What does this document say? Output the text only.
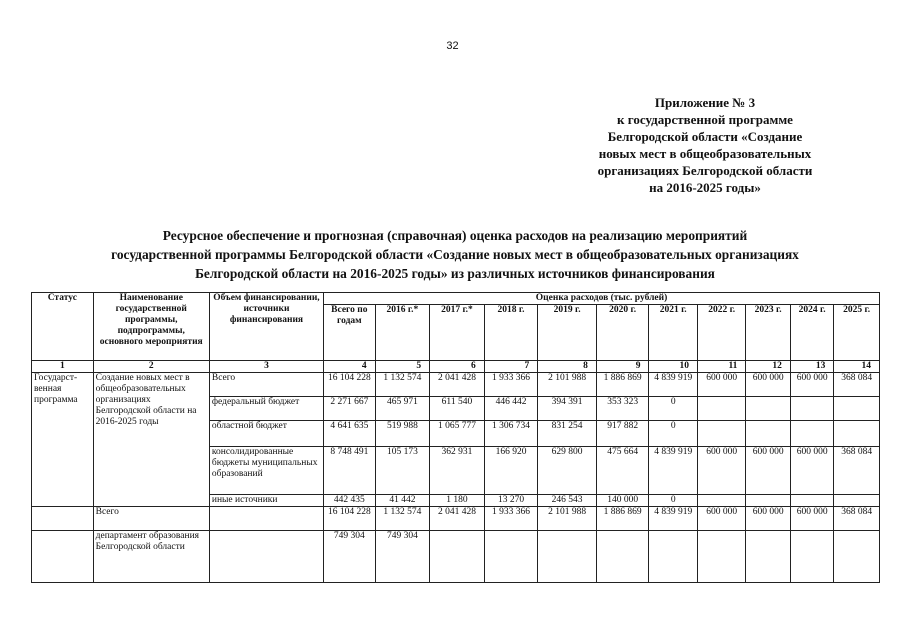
32
Приложение № 3
к государственной программе
Белгородской области «Создание
новых мест в общеобразовательных
организациях Белгородской области
на 2016-2025 годы»
Ресурсное обеспечение и прогнозная (справочная) оценка расходов на реализацию мероприятий
государственной программы Белгородской области «Создание новых мест в общеобразовательных организациях
Белгородской области на 2016-2025 годы» из различных источников финансирования
Статус	Наименование государственной программы, подпрограммы, основного мероприятия	Объем финансировании, источники финансирования	Оценка расходов (тыс. рублей)										
			Всего по годам	2016 г.*	2017 г.*	2018 г.	2019 г.	2020 г.	2021 г.	2022 г.	2023 г.	2024 г.	2025 г.
1	2	3	4	5	6	7	8	9	10	11	12	13	14
Государст-венная программа	Создание новых мест в общеобразовательных организациях Белгородской области на 2016-2025 годы	Всего	16 104 228	1 132 574	2 041 428	1 933 366	2 101 988	1 886 869	4 839 919	600 000	600 000	600 000	368 084
		федеральный бюджет	2 271 667	465 971	611 540	446 442	394 391	353 323	0				
		областной бюджет	4 641 635	519 988	1 065 777	1 306 734	831 254	917 882	0				
		консолидированные бюджеты муниципальных образований	8 748 491	105 173	362 931	166 920	629 800	475 664	4 839 919	600 000	600 000	600 000	368 084
		иные источники	442 435	41 442	1 180	13 270	246 543	140 000	0				
	Всего		16 104 228	1 132 574	2 041 428	1 933 366	2 101 988	1 886 869	4 839 919	600 000	600 000	600 000	368 084
	департамент образования Белгородской области		749 304	749 304									
